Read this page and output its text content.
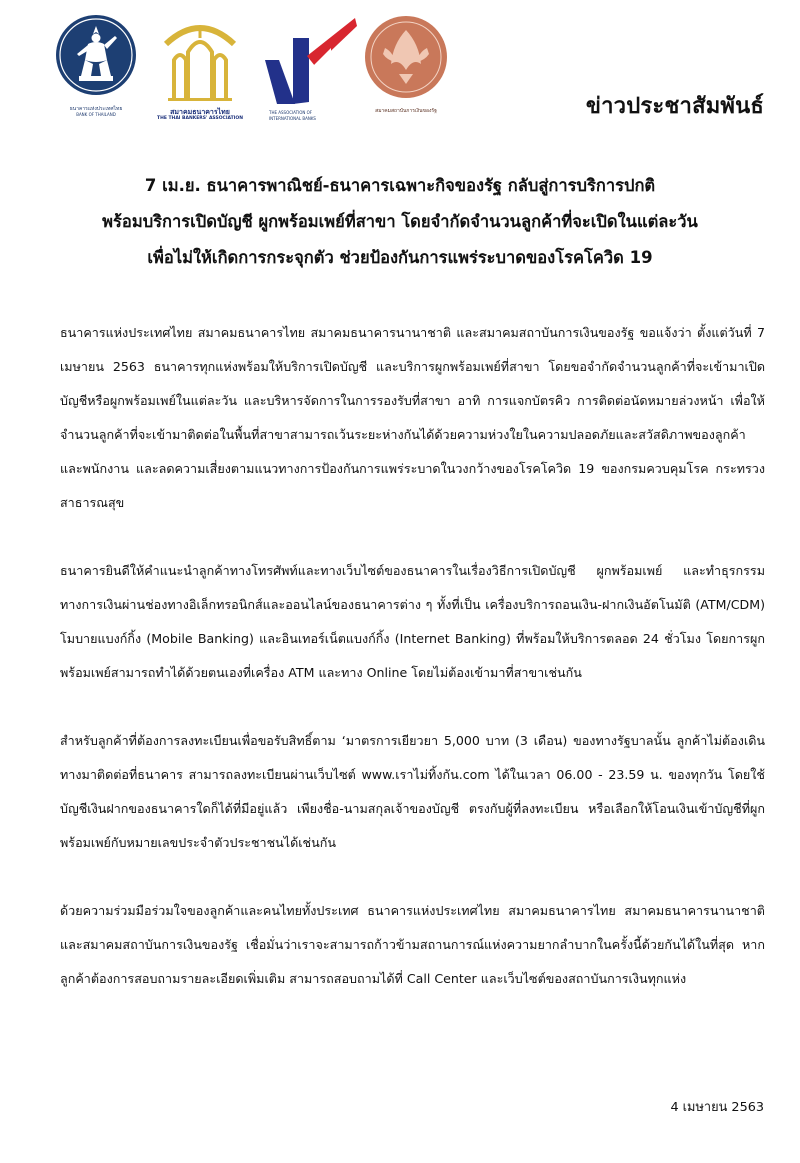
ธนาคารแห่งประเทศไทย
BANK OF THAILAND	สมาคมธนาคารไทย
THE THAI BANKERS' ASSOCIATION
THE ASSOCIATION OF INTERNATIONAL BANKS
สมาคมสถาบันการเงินของรัฐ	ข่าวประชาสัมพันธ์
7 เม.ย. ธนาคารพาณิชย์-ธนาคารเฉพาะกิจของรัฐ กลับสู่การบริการปกติ
พร้อมบริการเปิดบัญชี ผูกพร้อมเพย์ที่สาขา โดยจำกัดจำนวนลูกค้าที่จะเปิดในแต่ละวัน
เพื่อไม่ให้เกิดการกระจุกตัว ช่วยป้องกันการแพร่ระบาดของโรคโควิด 19

ธนาคารแห่งประเทศไทย สมาคมธนาคารไทย สมาคมธนาคารนานาชาติ และสมาคมสถาบันการเงินของรัฐ ขอแจ้งว่า ตั้งแต่วันที่ 7 เมษายน 2563 ธนาคารทุกแห่งพร้อมให้บริการเปิดบัญชี และบริการผูกพร้อมเพย์ที่สาขา โดยขอจำกัดจำนวนลูกค้าที่จะเข้ามาเปิดบัญชีหรือผูกพร้อมเพย์ในแต่ละวัน และบริหารจัดการในการรองรับที่สาขา อาทิ การแจกบัตรคิว การติดต่อนัดหมายล่วงหน้า เพื่อให้จำนวนลูกค้าที่จะเข้ามาติดต่อในพื้นที่สาขาสามารถเว้นระยะห่างกันได้ด้วยความห่วงใยในความปลอดภัยและสวัสดิภาพของลูกค้าและพนักงาน และลดความเสี่ยงตามแนวทางการป้องกันการแพร่ระบาดในวงกว้างของโรคโควิด 19 ของกรมควบคุมโรค กระทรวงสาธารณสุข

ธนาคารยินดีให้คำแนะนำลูกค้าทางโทรศัพท์และทางเว็บไซต์ของธนาคารในเรื่องวิธีการเปิดบัญชี ผูกพร้อมเพย์ และทำธุรกรรมทางการเงินผ่านช่องทางอิเล็กทรอนิกส์และออนไลน์ของธนาคารต่าง ๆ ทั้งที่เป็น เครื่องบริการถอนเงิน-ฝากเงินอัตโนมัติ (ATM/CDM) โมบายแบงก์กิ้ง (Mobile Banking) และอินเทอร์เน็ตแบงก์กิ้ง (Internet Banking) ที่พร้อมให้บริการตลอด 24 ชั่วโมง โดยการผูกพร้อมเพย์สามารถทำได้ด้วยตนเองที่เครื่อง ATM และทาง Online โดยไม่ต้องเข้ามาที่สาขาเช่นกัน

สำหรับลูกค้าที่ต้องการลงทะเบียนเพื่อขอรับสิทธิ์ตาม ‘มาตรการเยียวยา 5,000 บาท (3 เดือน) ของทางรัฐบาลนั้น ลูกค้าไม่ต้องเดินทางมาติดต่อที่ธนาคาร สามารถลงทะเบียนผ่านเว็บไซต์ www.เราไม่ทิ้งกัน.com ได้ในเวลา 06.00 - 23.59 น. ของทุกวัน โดยใช้บัญชีเงินฝากของธนาคารใดก็ได้ที่มีอยู่แล้ว เพียงชื่อ-นามสกุลเจ้าของบัญชี ตรงกับผู้ที่ลงทะเบียน หรือเลือกให้โอนเงินเข้าบัญชีที่ผูกพร้อมเพย์กับหมายเลขประจำตัวประชาชนได้เช่นกัน

ด้วยความร่วมมือร่วมใจของลูกค้าและคนไทยทั้งประเทศ ธนาคารแห่งประเทศไทย สมาคมธนาคารไทย สมาคมธนาคารนานาชาติ และสมาคมสถาบันการเงินของรัฐ เชื่อมั่นว่าเราจะสามารถก้าวข้ามสถานการณ์แห่งความยากลำบากในครั้งนี้ด้วยกันได้ในที่สุด หากลูกค้าต้องการสอบถามรายละเอียดเพิ่มเติม สามารถสอบถามได้ที่ Call Center และเว็บไซต์ของสถาบันการเงินทุกแห่ง

4 เมษายน 2563
